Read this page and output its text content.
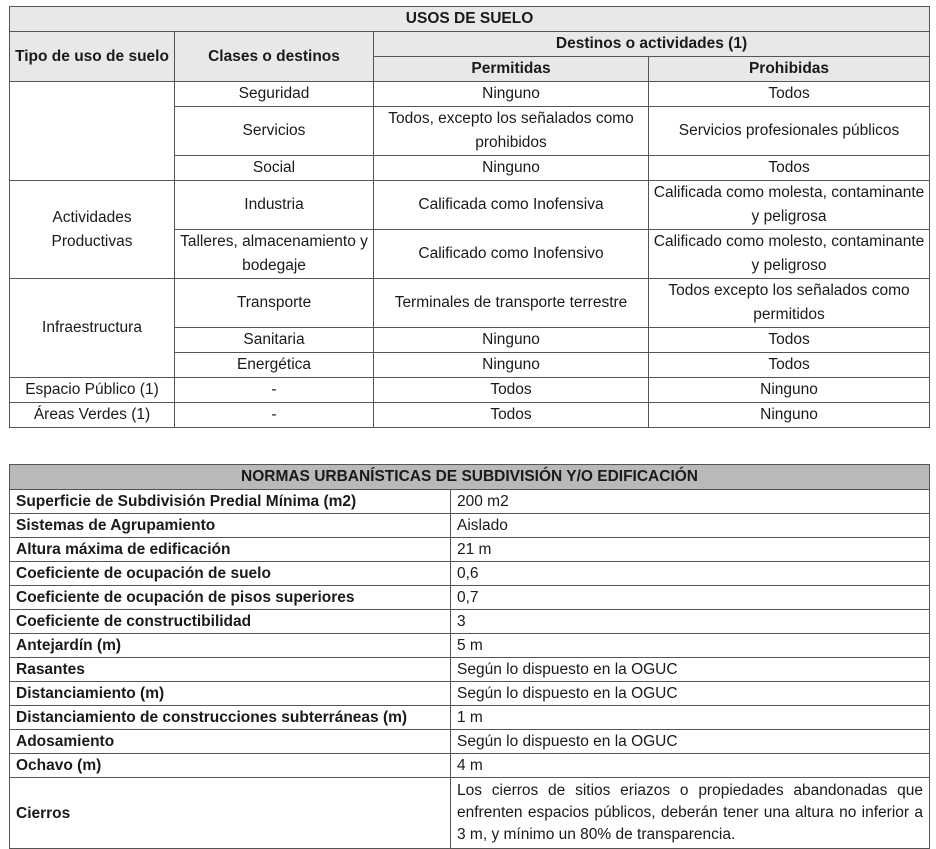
USOS DE SUELO			
Tipo de uso de suelo	Clases o destinos	Destinos o actividades (1)	
		Permitidas	Prohibidas
	Seguridad	Ninguno	Todos
	Servicios	Todos, excepto los señalados como prohibidos	Servicios profesionales públicos
	Social	Ninguno	Todos
Actividades Productivas	Industria	Calificada como Inofensiva	Calificada como molesta, contaminante y peligrosa
	Talleres, almacenamiento y bodegaje	Calificado como Inofensivo	Calificado como molesto, contaminante y peligroso
Infraestructura	Transporte	Terminales de transporte terrestre	Todos excepto los señalados como permitidos
	Sanitaria	Ninguno	Todos
	Energética	Ninguno	Todos
Espacio Público (1)	-	Todos	Ninguno
Áreas Verdes (1)	-	Todos	Ninguno
NORMAS URBANÍSTICAS DE SUBDIVISIÓN Y/O EDIFICACIÓN	
Superficie de Subdivisión Predial Mínima (m2)	200 m2
Sistemas de Agrupamiento	Aislado
Altura máxima de edificación	21 m
Coeficiente de ocupación de suelo	0,6
Coeficiente de ocupación de pisos superiores	0,7
Coeficiente de constructibilidad	3
Antejardín (m)	5 m
Rasantes	Según lo dispuesto en la OGUC
Distanciamiento (m)	Según lo dispuesto en la OGUC
Distanciamiento de construcciones subterráneas (m)	1 m
Adosamiento	Según lo dispuesto en la OGUC
Ochavo (m)	4 m
Cierros	Los cierros de sitios eriazos o propiedades abandonadas que enfrenten espacios públicos, deberán tener una altura no inferior a 3 m, y mínimo un 80% de transparencia.
